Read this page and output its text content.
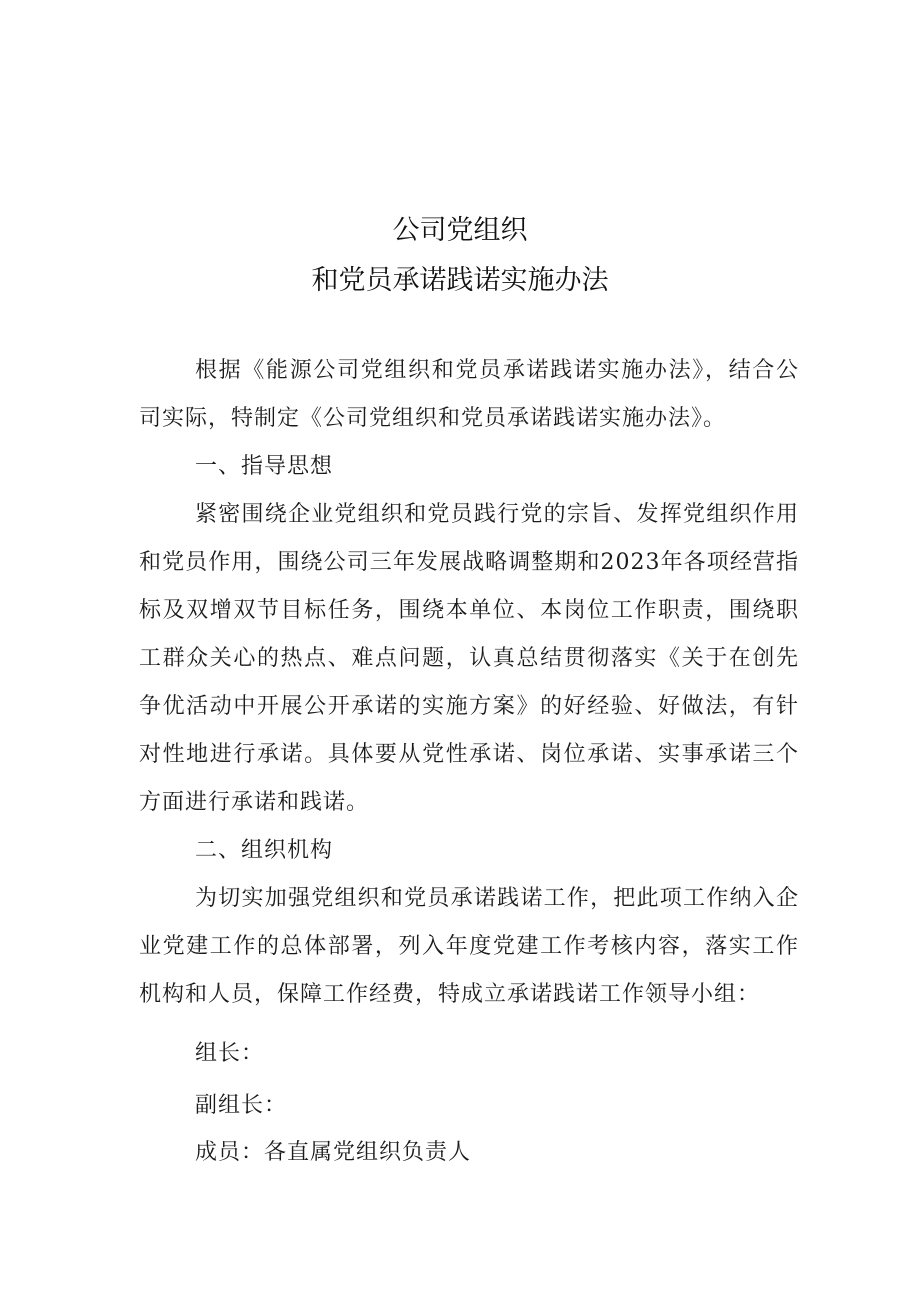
公司党组织
和党员承诺践诺实施办法

根据《能源公司党组织和党员承诺践诺实施办法》，结合公司实际，特制定《公司党组织和党员承诺践诺实施办法》。

一、指导思想

紧密围绕企业党组织和党员践行党的宗旨、发挥党组织作用和党员作用，围绕公司三年发展战略调整期和2023年各项经营指标及双增双节目标任务，围绕本单位、本岗位工作职责，围绕职工群众关心的热点、难点问题，认真总结贯彻落实《关于在创先争优活动中开展公开承诺的实施方案》的好经验、好做法，有针对性地进行承诺。具体要从党性承诺、岗位承诺、实事承诺三个方面进行承诺和践诺。

二、组织机构

为切实加强党组织和党员承诺践诺工作，把此项工作纳入企业党建工作的总体部署，列入年度党建工作考核内容，落实工作机构和人员，保障工作经费，特成立承诺践诺工作领导小组：

组长：
副组长：
成员：各直属党组织负责人
